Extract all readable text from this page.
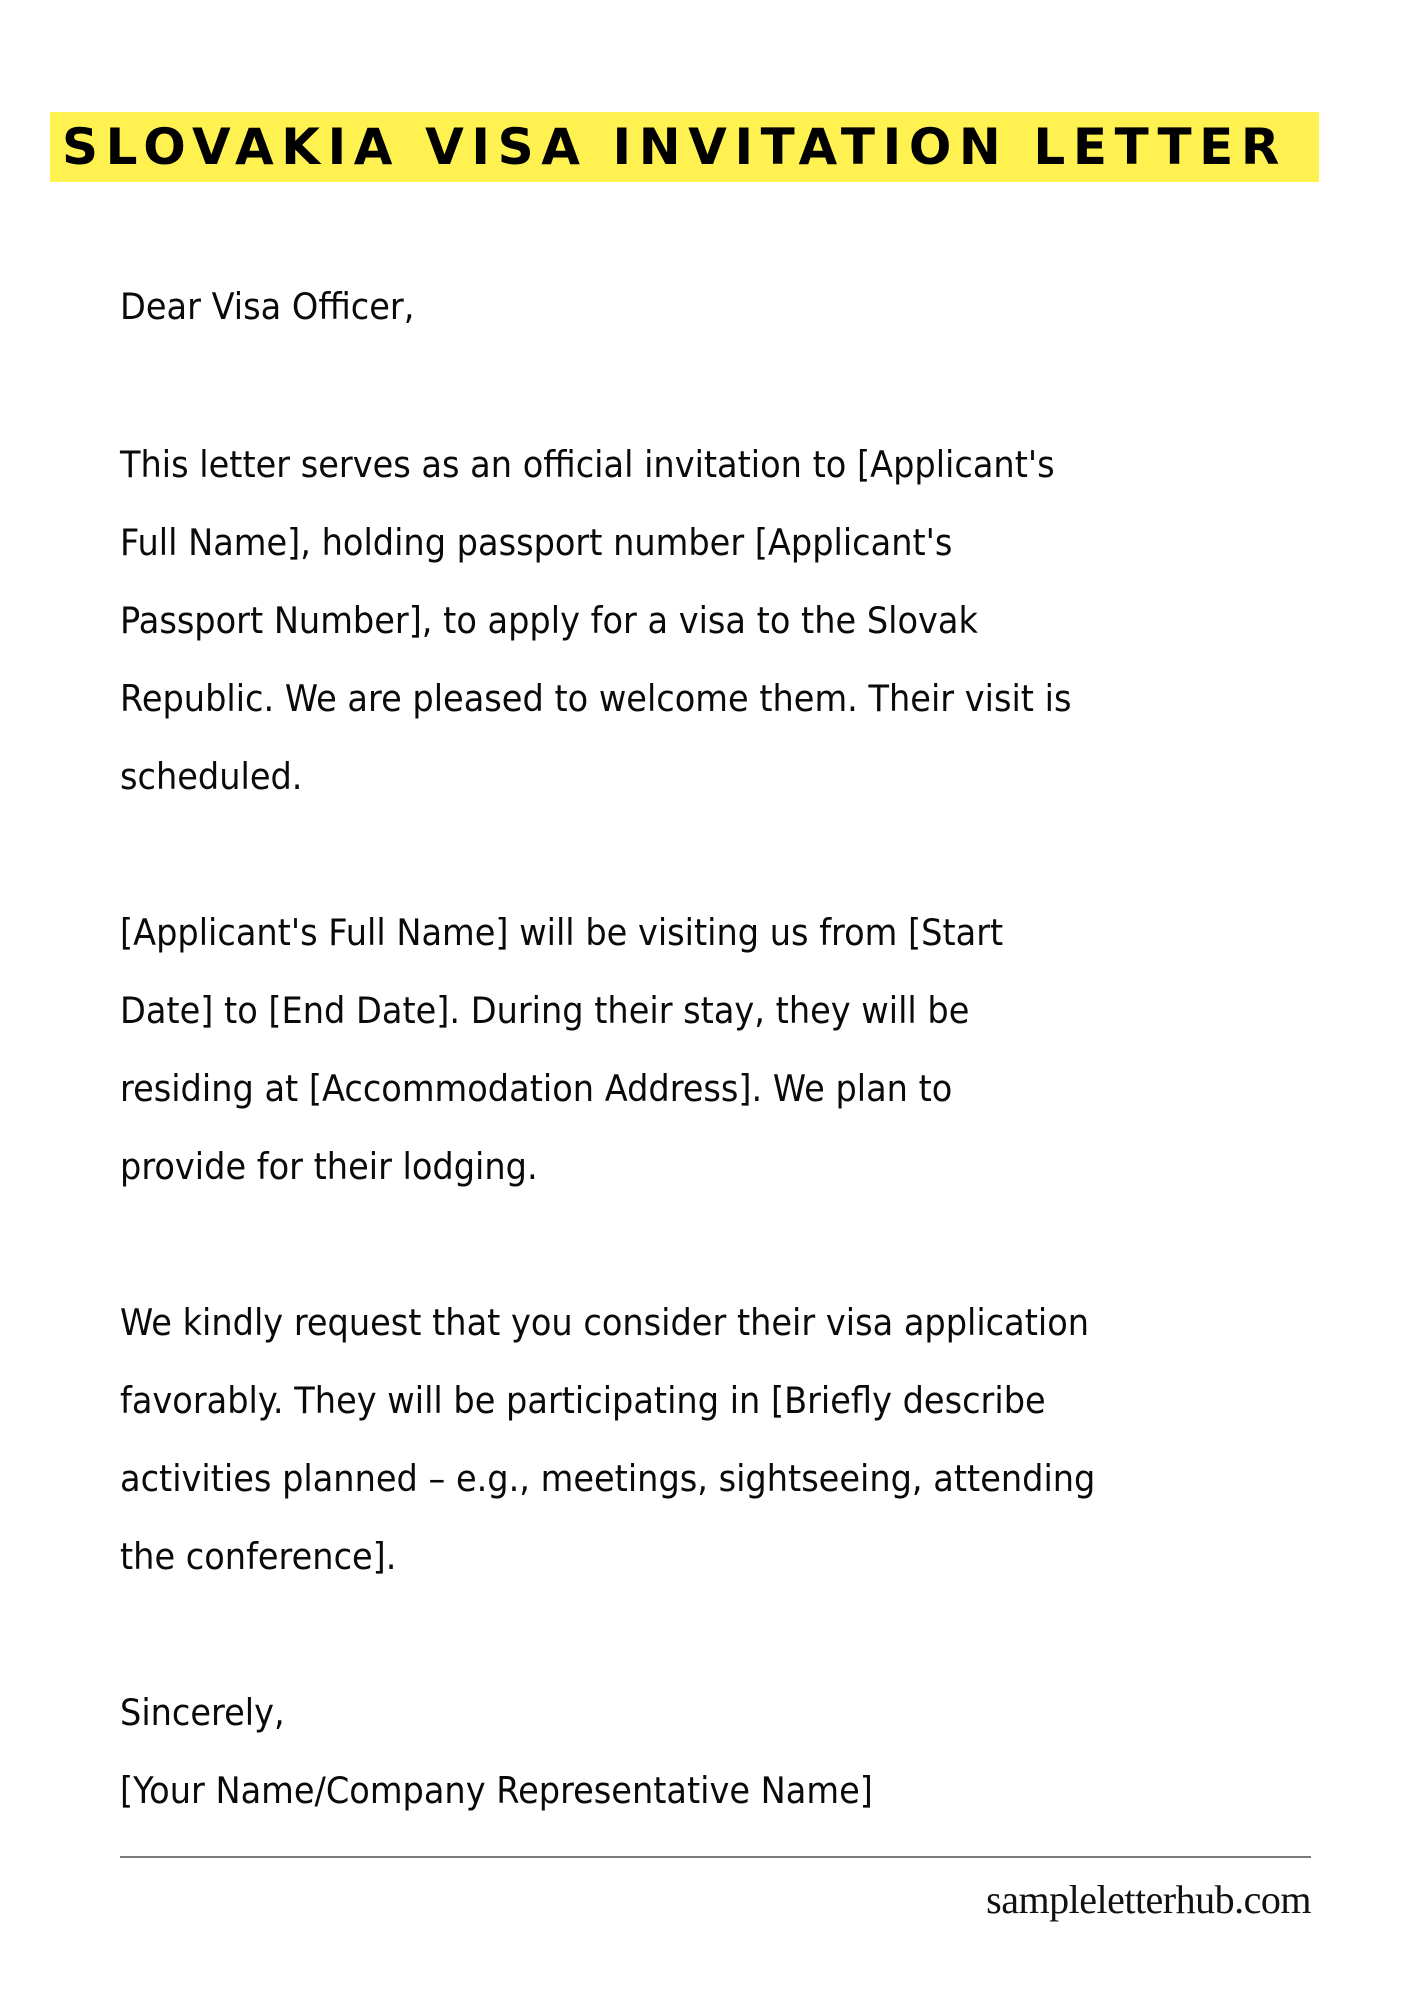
SLOVAKIA VISA INVITATION LETTER
Dear Visa Officer,
This letter serves as an official invitation to [Applicant's
Full Name], holding passport number [Applicant's
Passport Number], to apply for a visa to the Slovak
Republic. We are pleased to welcome them. Their visit is
scheduled.
[Applicant's Full Name] will be visiting us from [Start
Date] to [End Date]. During their stay, they will be
residing at [Accommodation Address]. We plan to
provide for their lodging.
We kindly request that you consider their visa application
favorably. They will be participating in [Briefly describe
activities planned – e.g., meetings, sightseeing, attending
the conference].
Sincerely,
[Your Name/Company Representative Name]
sampleletterhub.com
